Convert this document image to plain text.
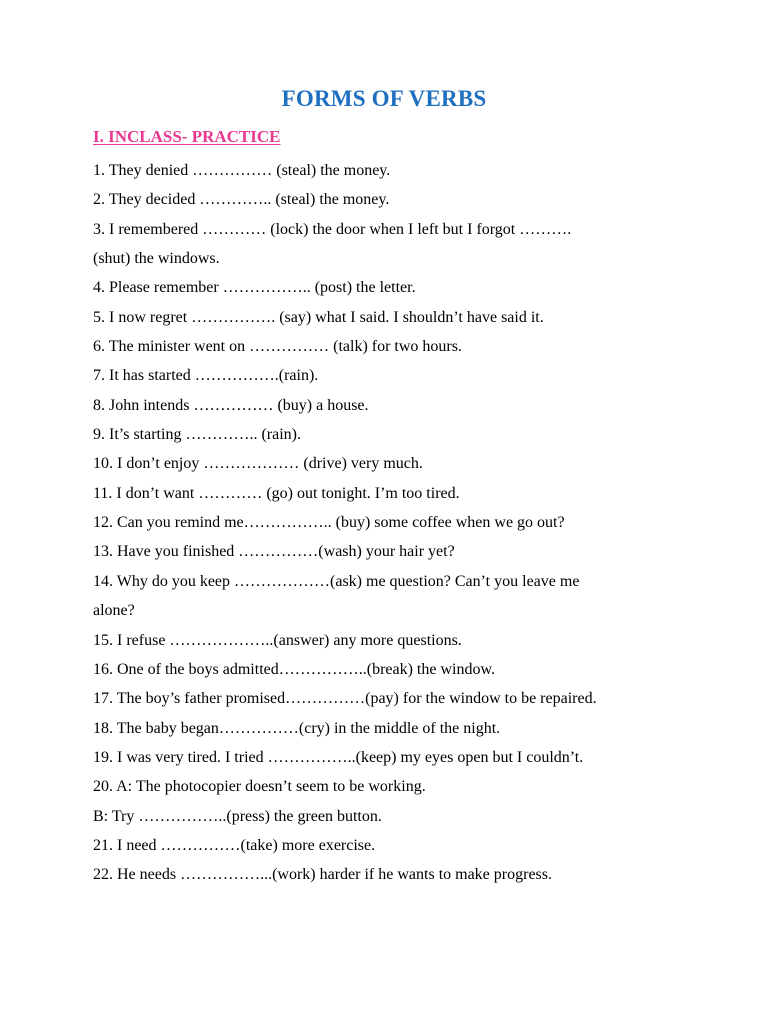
FORMS OF VERBS
I. INCLASS- PRACTICE
1. They denied …………… (steal) the money.
2. They decided ………….. (steal) the money.
3. I remembered ………… (lock) the door when I left but I forgot ……….
(shut) the windows.
4. Please remember …………….. (post) the letter.
5. I now regret ……………. (say) what I said. I shouldn’t have said it.
6. The minister went on …………… (talk) for two hours.
7. It has started …………….(rain).
8. John intends …………… (buy) a house.
9. It’s starting ………….. (rain).
10. I don’t enjoy ……………… (drive) very much.
11. I don’t want ………… (go) out tonight. I’m too tired.
12. Can you remind me…………….. (buy) some coffee when we go out?
13. Have you finished ……………(wash) your hair yet?
14. Why do you keep ………………(ask) me question? Can’t you leave me
alone?
15. I refuse ………………..(answer) any more questions.
16. One of the boys admitted……………..(break) the window.
17. The boy’s father promised……………(pay) for the window to be repaired.
18. The baby began……………(cry) in the middle of the night.
19. I was very tired. I tried ……………..(keep) my eyes open but I couldn’t.
20. A: The photocopier doesn’t seem to be working.
B: Try ……………..(press) the green button.
21. I need ……………(take) more exercise.
22. He needs ……………...(work) harder if he wants to make progress.
